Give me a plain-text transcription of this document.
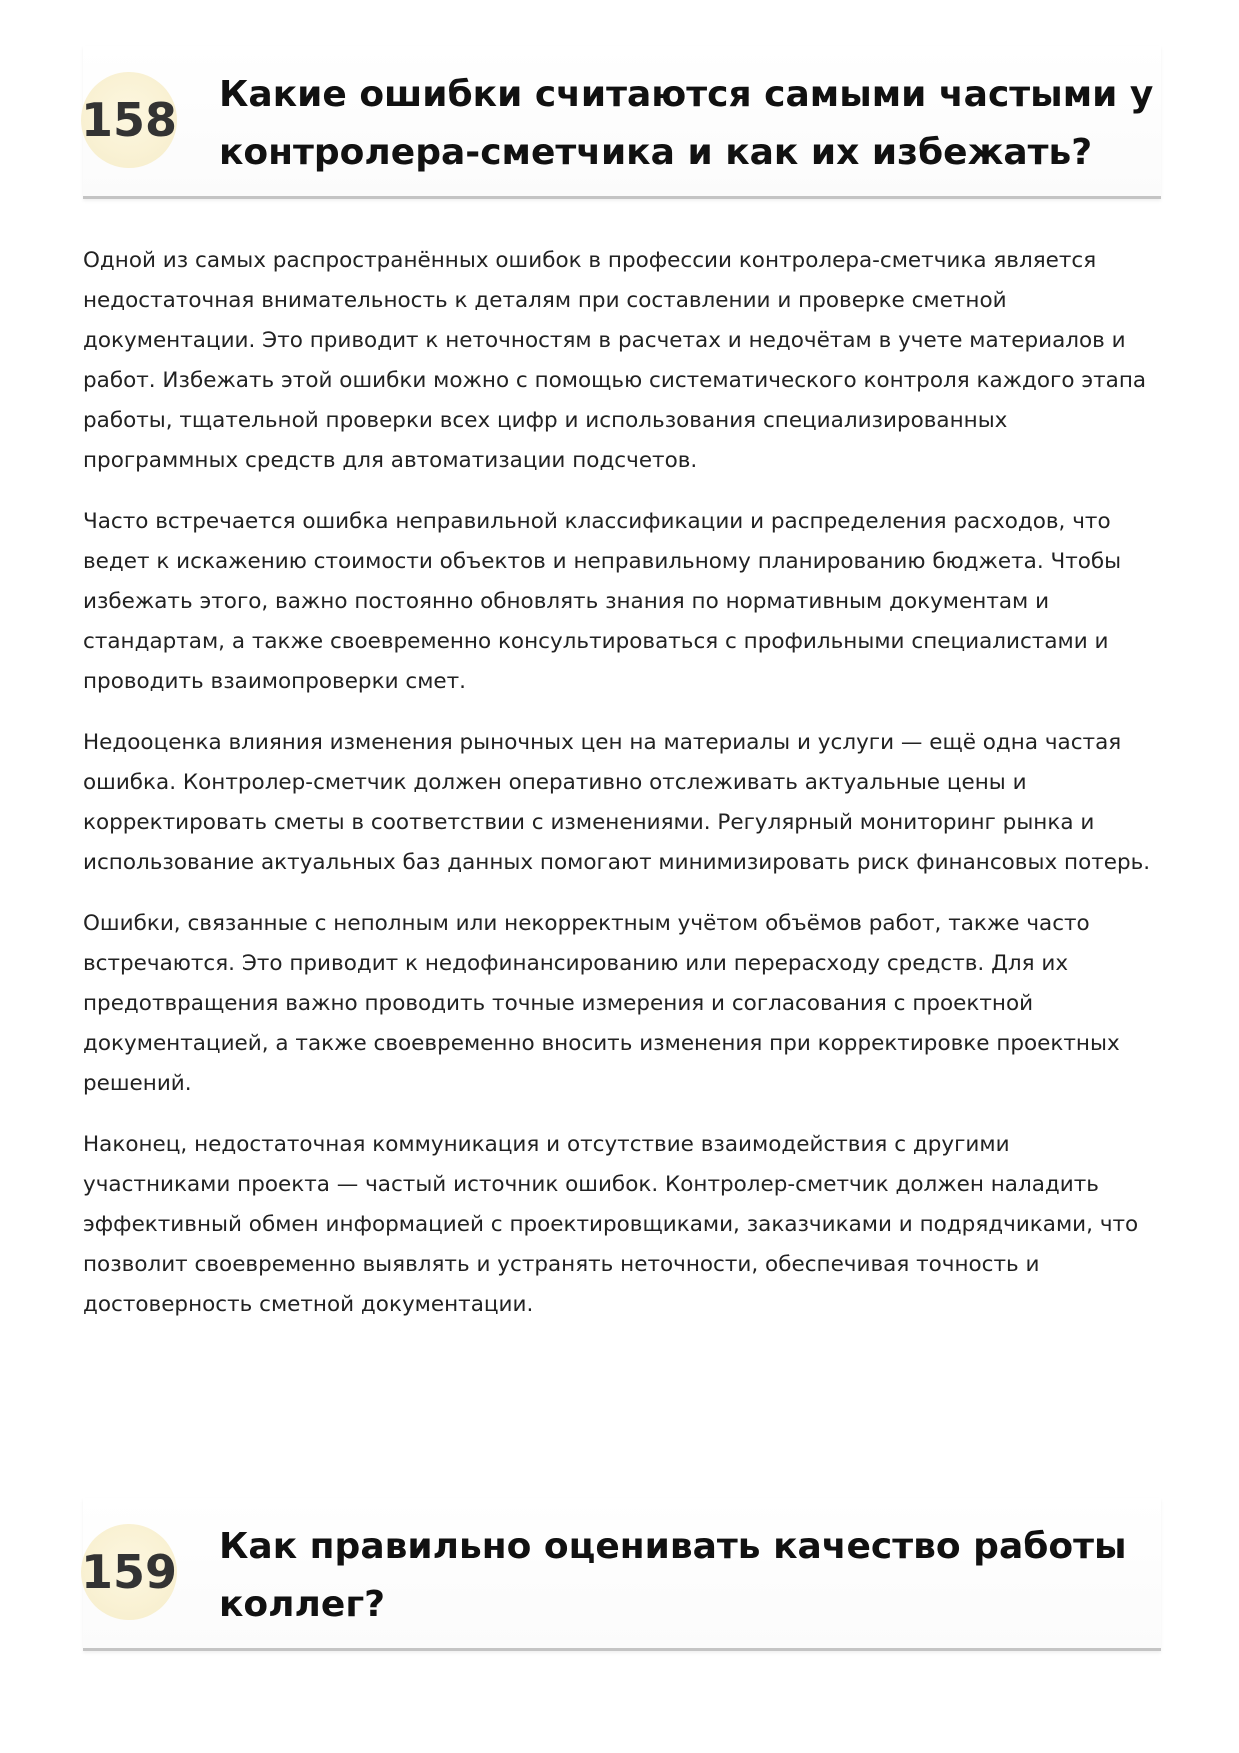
158	Какие ошибки считаются самыми частыми у контролера-сметчика и как их избежать?

Одной из самых распространённых ошибок в профессии контролера-сметчика является недостаточная внимательность к деталям при составлении и проверке сметной документации. Это приводит к неточностям в расчетах и недочётам в учете материалов и работ. Избежать этой ошибки можно с помощью систематического контроля каждого этапа работы, тщательной проверки всех цифр и использования специализированных программных средств для автоматизации подсчетов.

Часто встречается ошибка неправильной классификации и распределения расходов, что ведет к искажению стоимости объектов и неправильному планированию бюджета. Чтобы избежать этого, важно постоянно обновлять знания по нормативным документам и стандартам, а также своевременно консультироваться с профильными специалистами и проводить взаимопроверки смет.

Недооценка влияния изменения рыночных цен на материалы и услуги — ещё одна частая ошибка. Контролер-сметчик должен оперативно отслеживать актуальные цены и корректировать сметы в соответствии с изменениями. Регулярный мониторинг рынка и использование актуальных баз данных помогают минимизировать риск финансовых потерь.

Ошибки, связанные с неполным или некорректным учётом объёмов работ, также часто встречаются. Это приводит к недофинансированию или перерасходу средств. Для их предотвращения важно проводить точные измерения и согласования с проектной документацией, а также своевременно вносить изменения при корректировке проектных решений.

Наконец, недостаточная коммуникация и отсутствие взаимодействия с другими участниками проекта — частый источник ошибок. Контролер-сметчик должен наладить эффективный обмен информацией с проектировщиками, заказчиками и подрядчиками, что позволит своевременно выявлять и устранять неточности, обеспечивая точность и достоверность сметной документации.

159	Как правильно оценивать качество работы коллег?
